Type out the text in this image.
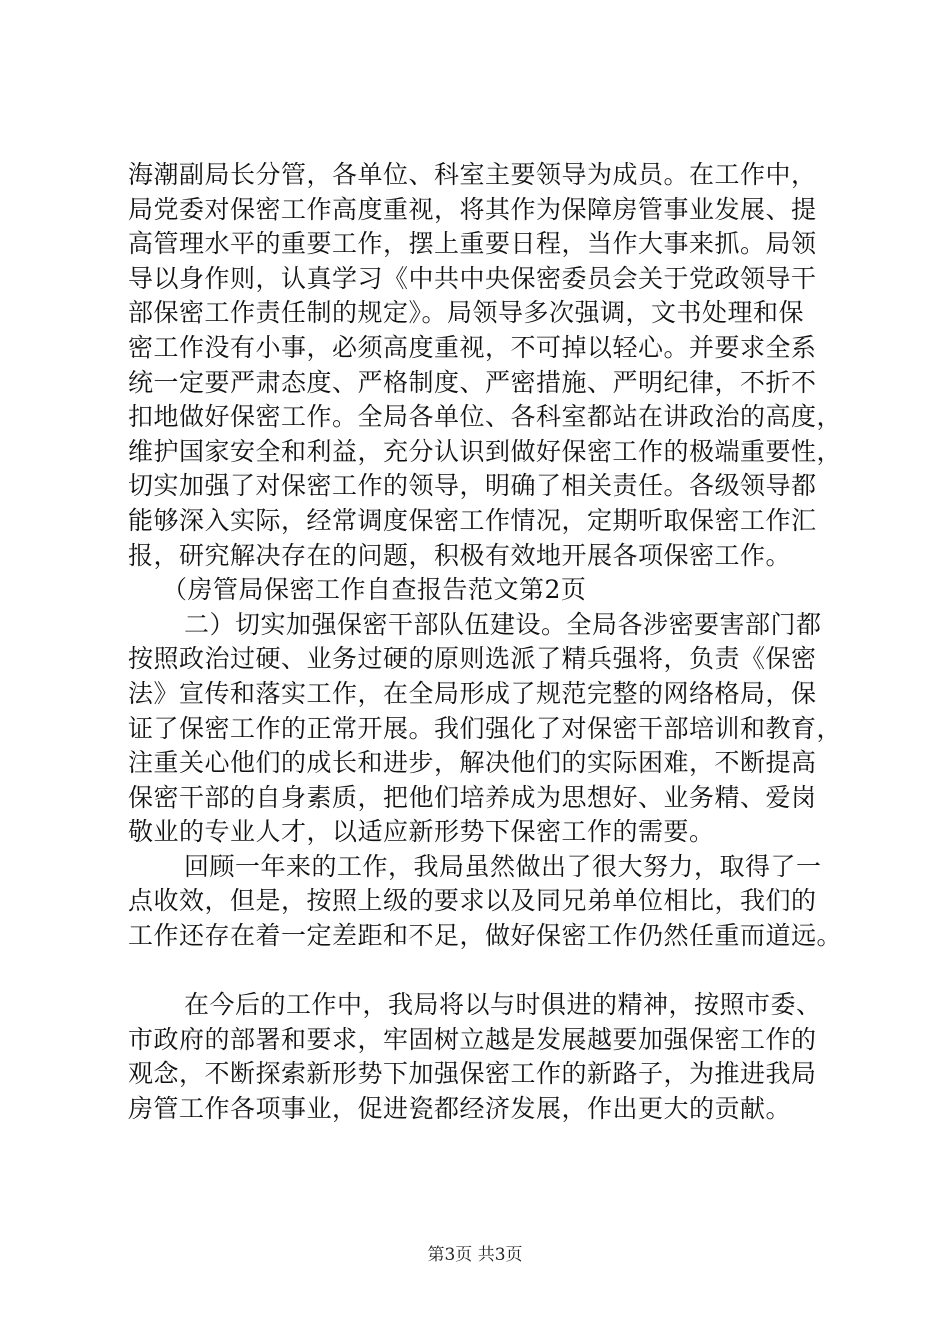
海潮副局长分管，各单位、科室主要领导为成员。在工作中，
局党委对保密工作高度重视，将其作为保障房管事业发展、提
高管理水平的重要工作，摆上重要日程，当作大事来抓。局领
导以身作则，认真学习《中共中央保密委员会关于党政领导干
部保密工作责任制的规定》。局领导多次强调，文书处理和保
密工作没有小事，必须高度重视，不可掉以轻心。并要求全系
统一定要严肃态度、严格制度、严密措施、严明纪律，不折不
扣地做好保密工作。全局各单位、各科室都站在讲政治的高度，
维护国家安全和利益，充分认识到做好保密工作的极端重要性，
切实加强了对保密工作的领导，明确了相关责任。各级领导都
能够深入实际，经常调度保密工作情况，定期听取保密工作汇
报，研究解决存在的问题，积极有效地开展各项保密工作。
（房管局保密工作自查报告范文第2页
二）切实加强保密干部队伍建设。全局各涉密要害部门都
按照政治过硬、业务过硬的原则选派了精兵强将，负责《保密
法》宣传和落实工作，在全局形成了规范完整的网络格局，保
证了保密工作的正常开展。我们强化了对保密干部培训和教育，
注重关心他们的成长和进步，解决他们的实际困难，不断提高
保密干部的自身素质，把他们培养成为思想好、业务精、爱岗
敬业的专业人才，以适应新形势下保密工作的需要。
回顾一年来的工作，我局虽然做出了很大努力，取得了一
点收效，但是，按照上级的要求以及同兄弟单位相比，我们的
工作还存在着一定差距和不足，做好保密工作仍然任重而道远。
在今后的工作中，我局将以与时俱进的精神，按照市委、
市政府的部署和要求，牢固树立越是发展越要加强保密工作的
观念，不断探索新形势下加强保密工作的新路子，为推进我局
房管工作各项事业，促进瓷都经济发展，作出更大的贡献。
第3页 共3页
